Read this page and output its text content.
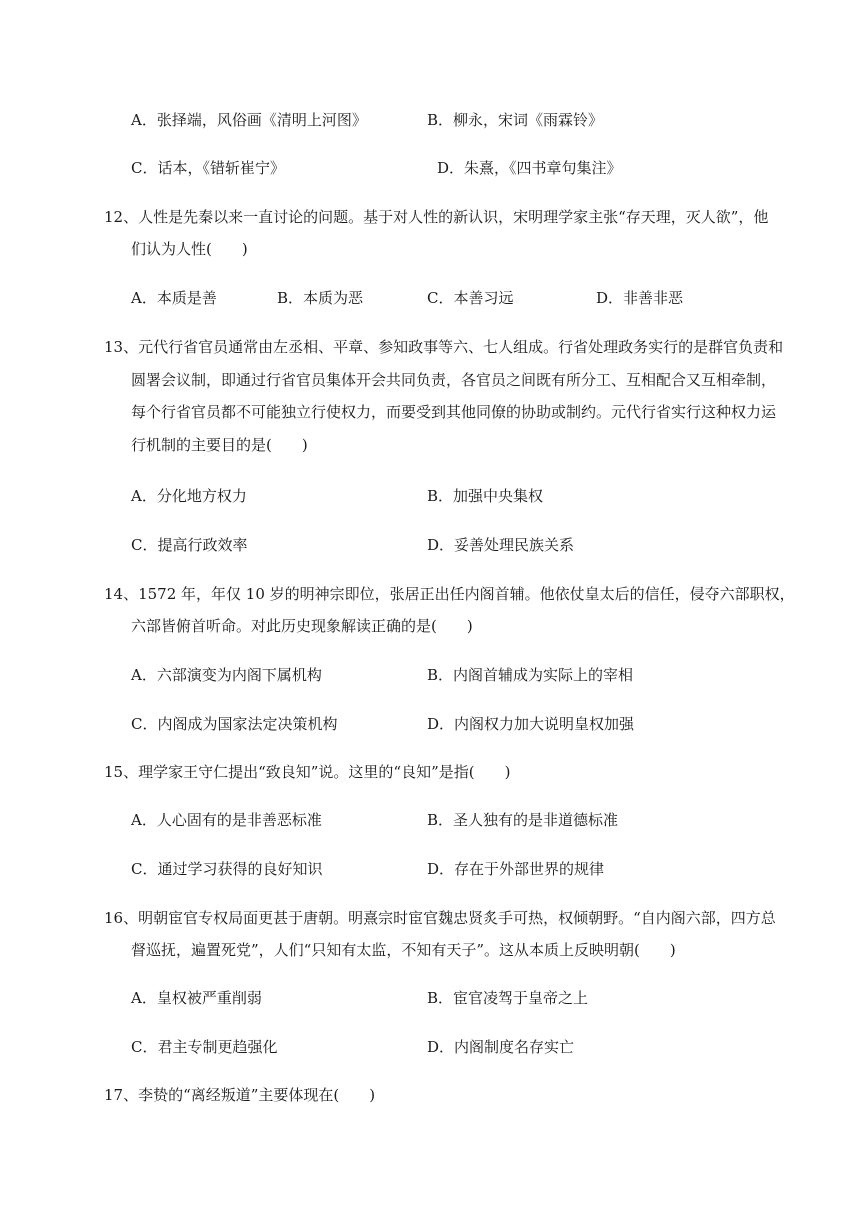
A．张择端，风俗画《清明上河图》	B．柳永，宋词《雨霖铃》
C．话本，《错斩崔宁》	D．朱熹，《四书章句集注》
12、人性是先秦以来一直讨论的问题。基于对人性的新认识，宋明理学家主张“存天理，灭人欲”，他
们认为人性(　　)
A．本质是善	B．本质为恶	C．本善习远	D．非善非恶
13、元代行省官员通常由左丞相、平章、参知政事等六、七人组成。行省处理政务实行的是群官负责和
圆署会议制，即通过行省官员集体开会共同负责，各官员之间既有所分工、互相配合又互相牵制，
每个行省官员都不可能独立行使权力，而要受到其他同僚的协助或制约。元代行省实行这种权力运
行机制的主要目的是(　　)
A．分化地方权力	B．加强中央集权
C．提高行政效率	D．妥善处理民族关系
14、1572 年，年仅 10 岁的明神宗即位，张居正出任内阁首辅。他依仗皇太后的信任，侵夺六部职权，
六部皆俯首听命。对此历史现象解读正确的是(　　)
A．六部演变为内阁下属机构	B．内阁首辅成为实际上的宰相
C．内阁成为国家法定决策机构	D．内阁权力加大说明皇权加强
15、理学家王守仁提出“致良知”说。这里的“良知”是指(　　)
A．人心固有的是非善恶标准	B．圣人独有的是非道德标准
C．通过学习获得的良好知识	D．存在于外部世界的规律
16、明朝宦官专权局面更甚于唐朝。明熹宗时宦官魏忠贤炙手可热，权倾朝野。“自内阁六部，四方总
督巡抚，遍置死党”，人们“只知有太监，不知有天子”。这从本质上反映明朝(　　)
A．皇权被严重削弱	B．宦官凌驾于皇帝之上
C．君主专制更趋强化	D．内阁制度名存实亡
17、李贽的“离经叛道”主要体现在(　　)
